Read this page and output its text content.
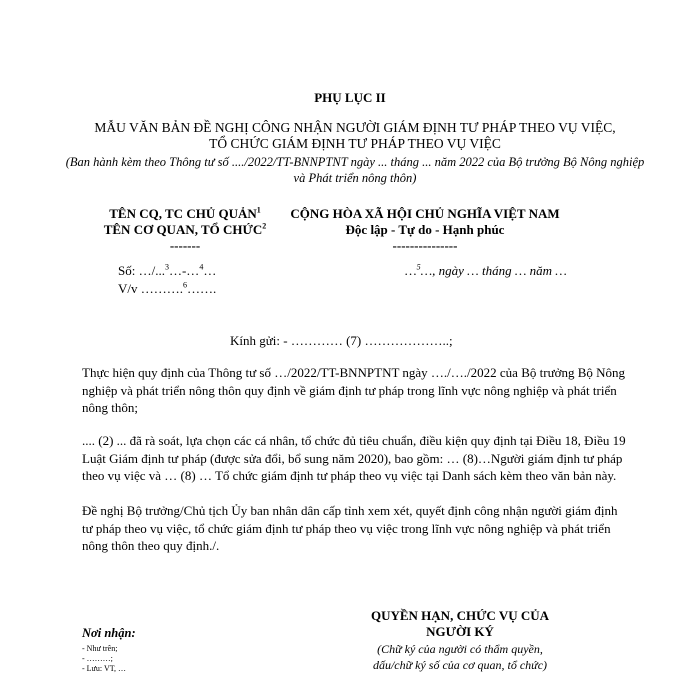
PHỤ LỤC II
MẪU VĂN BẢN ĐỀ NGHỊ CÔNG NHẬN NGƯỜI GIÁM ĐỊNH TƯ PHÁP THEO VỤ VIỆC,
TỔ CHỨC GIÁM ĐỊNH TƯ PHÁP THEO VỤ VIỆC
(Ban hành kèm theo Thông tư số ..../2022/TT-BNNPTNT ngày ... tháng ... năm 2022 của Bộ trưởng Bộ Nông nghiệp và Phát triển nông thôn)
TÊN CQ, TC CHỦ QUẢN$^1$
TÊN CƠ QUAN, TỔ CHỨC$^2$
-------
CỘNG HÒA XÃ HỘI CHỦ NGHĨA VIỆT NAM
Độc lập - Tự do - Hạnh phúc
---------------
Số: …/...$^3$…-…$^4$…
V/v ……….$^6$…….
…$^5$…, ngày … tháng … năm …
Kính gửi: - ………… (7) ………………..;
Thực hiện quy định của Thông tư số …/2022/TT-BNNPTNT ngày …./…./2022 của Bộ trưởng Bộ Nông nghiệp và phát triển nông thôn quy định về giám định tư pháp trong lĩnh vực nông nghiệp và phát triển nông thôn;
.... (2) ... đã rà soát, lựa chọn các cá nhân, tổ chức đủ tiêu chuẩn, điều kiện quy định tại Điều 18, Điều 19 Luật Giám định tư pháp (được sửa đổi, bổ sung năm 2020), bao gồm: … (8)…Người giám định tư pháp theo vụ việc và … (8) … Tổ chức giám định tư pháp theo vụ việc tại Danh sách kèm theo văn bản này.
Đề nghị Bộ trưởng/Chủ tịch Ủy ban nhân dân cấp tỉnh xem xét, quyết định công nhận người giám định tư pháp theo vụ việc, tổ chức giám định tư pháp theo vụ việc trong lĩnh vực nông nghiệp và phát triển nông thôn theo quy định./.
QUYỀN HẠN, CHỨC VỤ CỦA
NGƯỜI KÝ
(Chữ ký của người có thẩm quyền,
dấu/chữ ký số của cơ quan, tổ chức)
Nơi nhận:
- Như trên;
- ………;
- Lưu: VT, …
